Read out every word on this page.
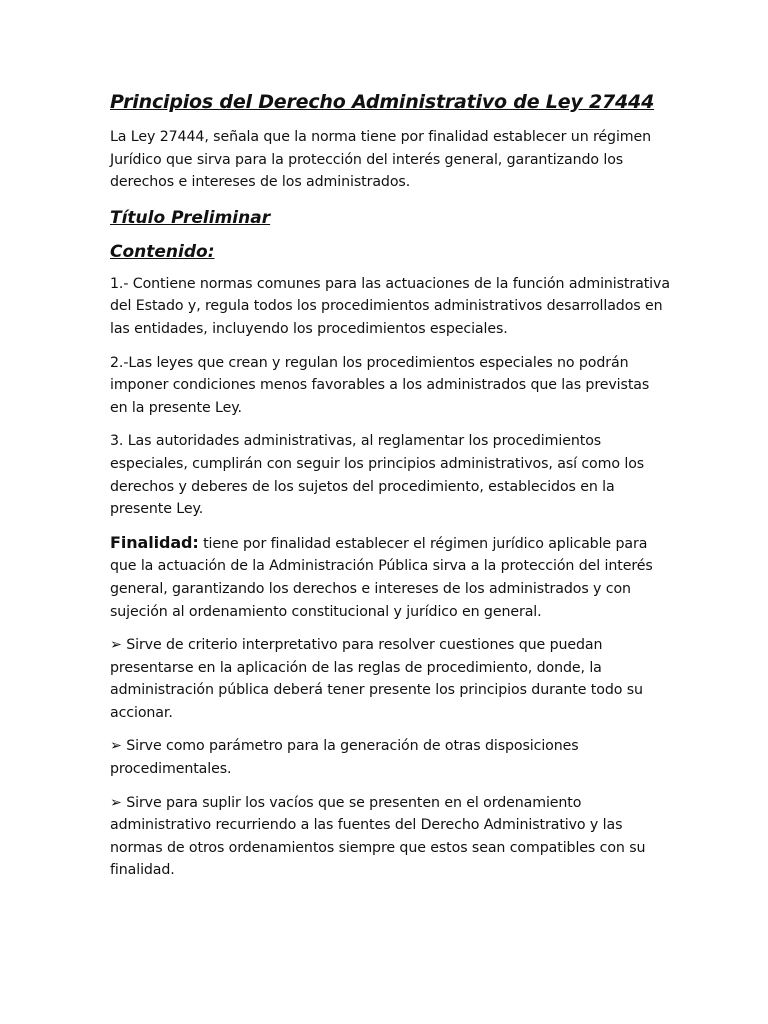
Principios del Derecho Administrativo de Ley 27444

La Ley 27444, señala que la norma tiene por finalidad establecer un régimen Jurídico que sirva para la protección del interés general, garantizando los derechos e intereses de los administrados.

Título Preliminar
Contenido:

1.- Contiene normas comunes para las actuaciones de la función administrativa del Estado y, regula todos los procedimientos administrativos desarrollados en las entidades, incluyendo los procedimientos especiales.

2.-Las leyes que crean y regulan los procedimientos especiales no podrán imponer condiciones menos favorables a los administrados que las previstas en la presente Ley.

3. Las autoridades administrativas, al reglamentar los procedimientos especiales, cumplirán con seguir los principios administrativos, así como los derechos y deberes de los sujetos del procedimiento, establecidos en la presente Ley.

Finalidad: tiene por finalidad establecer el régimen jurídico aplicable para que la actuación de la Administración Pública sirva a la protección del interés general, garantizando los derechos e intereses de los administrados y con sujeción al ordenamiento constitucional y jurídico en general.

➢ Sirve de criterio interpretativo para resolver cuestiones que puedan presentarse en la aplicación de las reglas de procedimiento, donde, la administración pública deberá tener presente los principios durante todo su accionar.

➢ Sirve como parámetro para la generación de otras disposiciones procedimentales.

➢ Sirve para suplir los vacíos que se presenten en el ordenamiento administrativo recurriendo a las fuentes del Derecho Administrativo y las normas de otros ordenamientos siempre que estos sean compatibles con su finalidad.
